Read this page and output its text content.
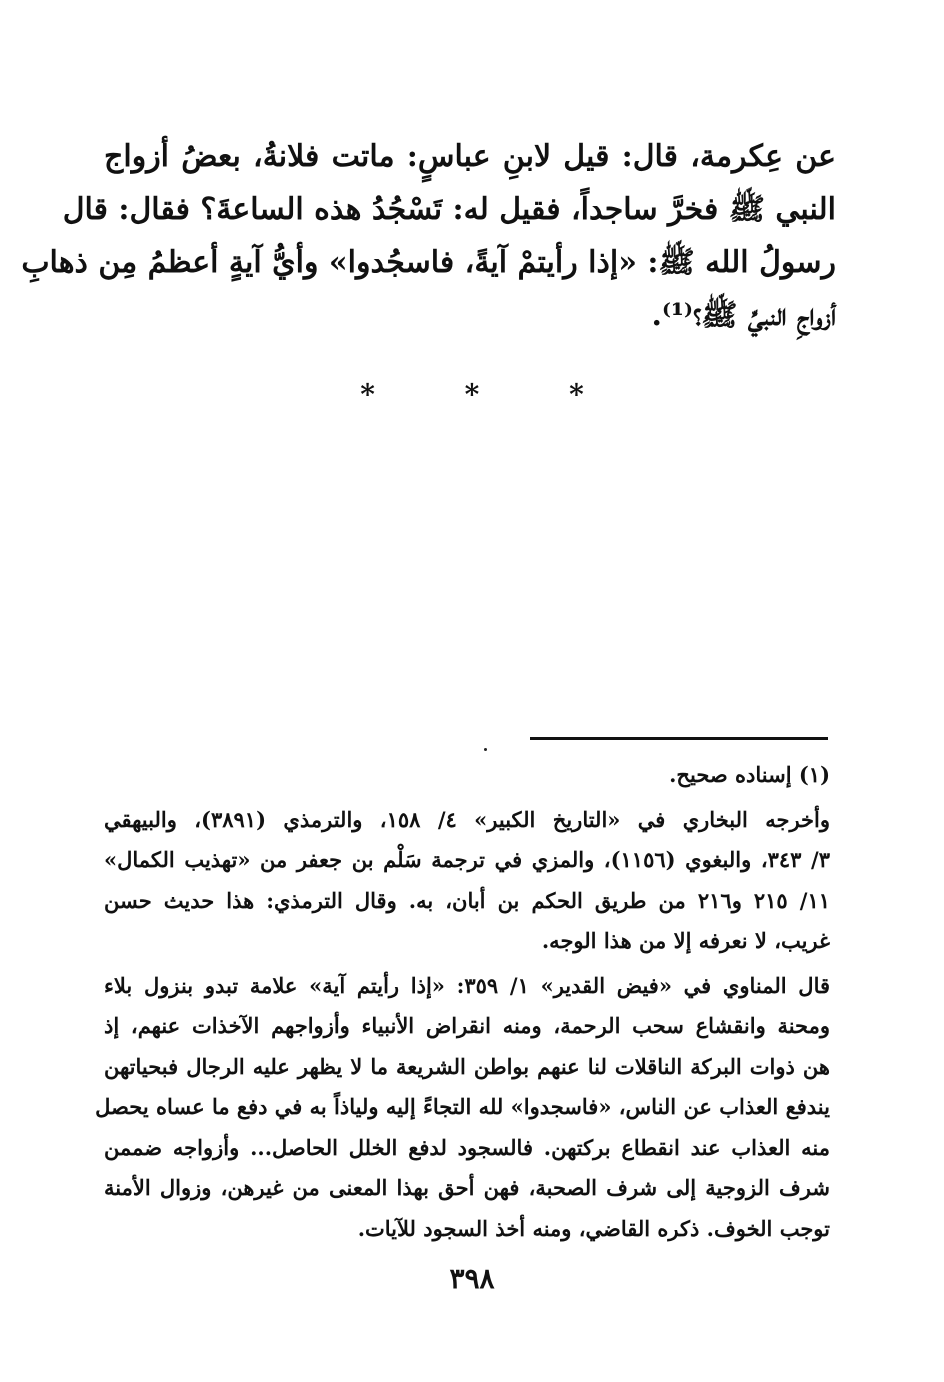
عن عِكرمة، قال: قيل لابنِ عباسٍ: ماتت فلانةُ، بعضُ أزواج
النبي ﷺ فخرَّ ساجداً، فقيل له: تَسْجُدُ هذه الساعةَ؟ فقال: قال
رسولُ الله ﷺ: «إذا رأيتمْ آيةً، فاسجُدوا» وأيُّ آيةٍ أعظمُ مِن ذهابِ
أزواجِ النبيِّ ﷺ؟⁽¹⁾.
* * *
(١) إسناده صحيح.
وأخرجه البخاري في «التاريخ الكبير» ٤/ ١٥٨، والترمذي (٣٨٩١)، والبيهقي
٣/ ٣٤٣، والبغوي (١١٥٦)، والمزي في ترجمة سَلْم بن جعفر من «تهذيب الكمال»
١١/ ٢١٥ و٢١٦ من طريق الحكم بن أبان، به. وقال الترمذي: هذا حديث حسن
غريب، لا نعرفه إلا من هذا الوجه.
قال المناوي في «فيض القدير» ١/ ٣٥٩: «إذا رأيتم آية» علامة تبدو بنزول بلاء
ومحنة وانقشاع سحب الرحمة، ومنه انقراض الأنبياء وأزواجهم الآخذات عنهم، إذ
هن ذوات البركة الناقلات لنا عنهم بواطن الشريعة ما لا يظهر عليه الرجال فبحياتهن
يندفع العذاب عن الناس، «فاسجدوا» لله التجاءً إليه ولياذاً به في دفع ما عساه يحصل
منه العذاب عند انقطاع بركتهن. فالسجود لدفع الخلل الحاصل... وأزواجه ضممن
شرف الزوجية إلى شرف الصحبة، فهن أحق بهذا المعنى من غيرهن، وزوال الأمنة
توجب الخوف. ذكره القاضي، ومنه أخذ السجود للآيات.
٣٩٨
